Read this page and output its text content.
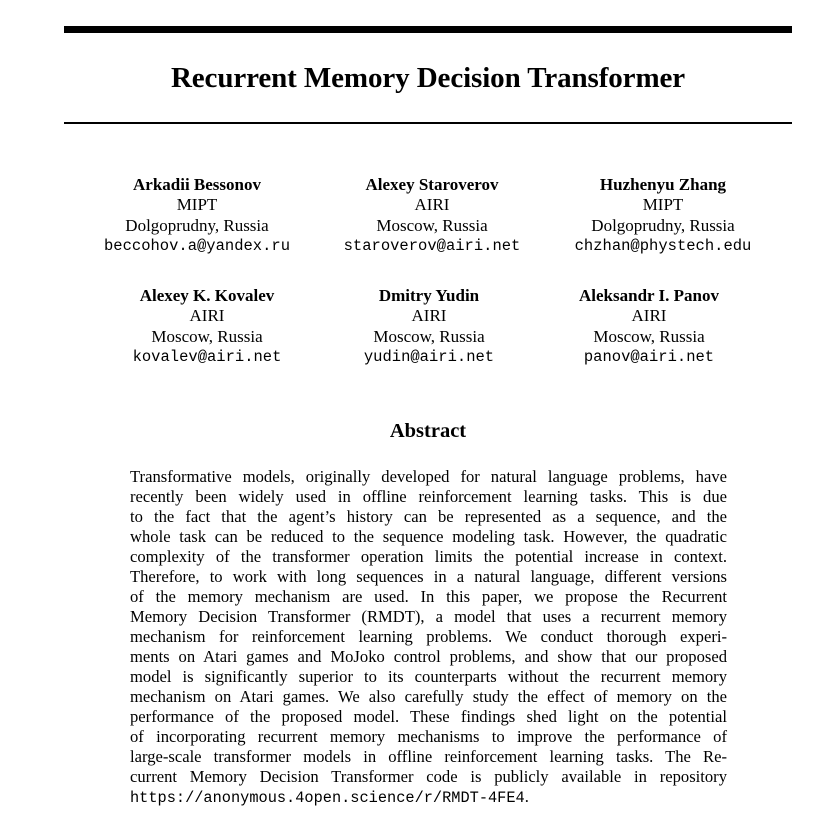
Recurrent Memory Decision Transformer
Arkadii Bessonov
MIPT
Dolgoprudny, Russia
beccohov.a@yandex.ru
Alexey Staroverov
AIRI
Moscow, Russia
staroverov@airi.net
Huzhenyu Zhang
MIPT
Dolgoprudny, Russia
chzhan@phystech.edu
Alexey K. Kovalev
AIRI
Moscow, Russia
kovalev@airi.net
Dmitry Yudin
AIRI
Moscow, Russia
yudin@airi.net
Aleksandr I. Panov
AIRI
Moscow, Russia
panov@airi.net
Abstract
Transformative models, originally developed for natural language problems, have
recently been widely used in offline reinforcement learning tasks. This is due
to the fact that the agent’s history can be represented as a sequence, and the
whole task can be reduced to the sequence modeling task. However, the quadratic
complexity of the transformer operation limits the potential increase in context.
Therefore, to work with long sequences in a natural language, different versions
of the memory mechanism are used. In this paper, we propose the Recurrent
Memory Decision Transformer (RMDT), a model that uses a recurrent memory
mechanism for reinforcement learning problems. We conduct thorough experi-
ments on Atari games and MoJoko control problems, and show that our proposed
model is significantly superior to its counterparts without the recurrent memory
mechanism on Atari games. We also carefully study the effect of memory on the
performance of the proposed model. These findings shed light on the potential
of incorporating recurrent memory mechanisms to improve the performance of
large-scale transformer models in offline reinforcement learning tasks. The Re-
current Memory Decision Transformer code is publicly available in repository
https://anonymous.4open.science/r/RMDT-4FE4.
